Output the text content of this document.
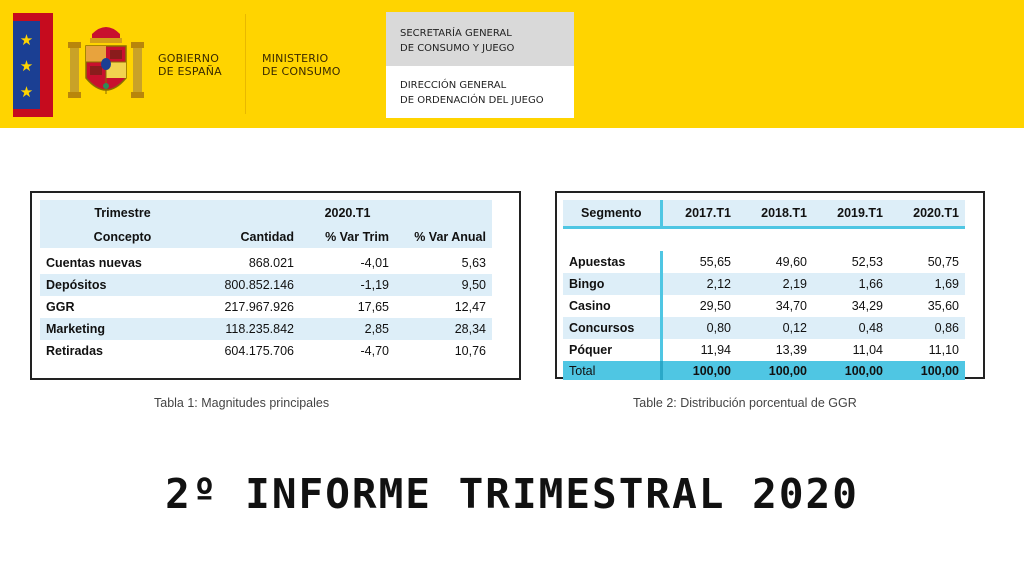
★
★
★
GOBIERNO
DE ESPAÑA
MINISTERIO
DE CONSUMO
SECRETARÍA GENERAL
DE CONSUMO Y JUEGO
DIRECCIÓN GENERAL
DE ORDENACIÓN DEL JUEGO
Trimestre		2020.T1	
Concepto	Cantidad	% Var Trim	% Var Anual

Cuentas nuevas	868.021	-4,01	5,63
Depósitos	800.852.146	-1,19	9,50
GGR	217.967.926	17,65	12,47
Marketing	118.235.842	2,85	28,34
Retiradas	604.175.706	-4,70	10,76
Tabla 1: Magnitudes principales
Segmento	2017.T1	2018.T1	2019.T1	2020.T1

Apuestas	55,65	49,60	52,53	50,75
Bingo	2,12	2,19	1,66	1,69
Casino	29,50	34,70	34,29	35,60
Concursos	0,80	0,12	0,48	0,86
Póquer	11,94	13,39	11,04	11,10
Total	100,00	100,00	100,00	100,00
Table 2: Distribución porcentual de GGR
2º INFORME TRIMESTRAL 2020
